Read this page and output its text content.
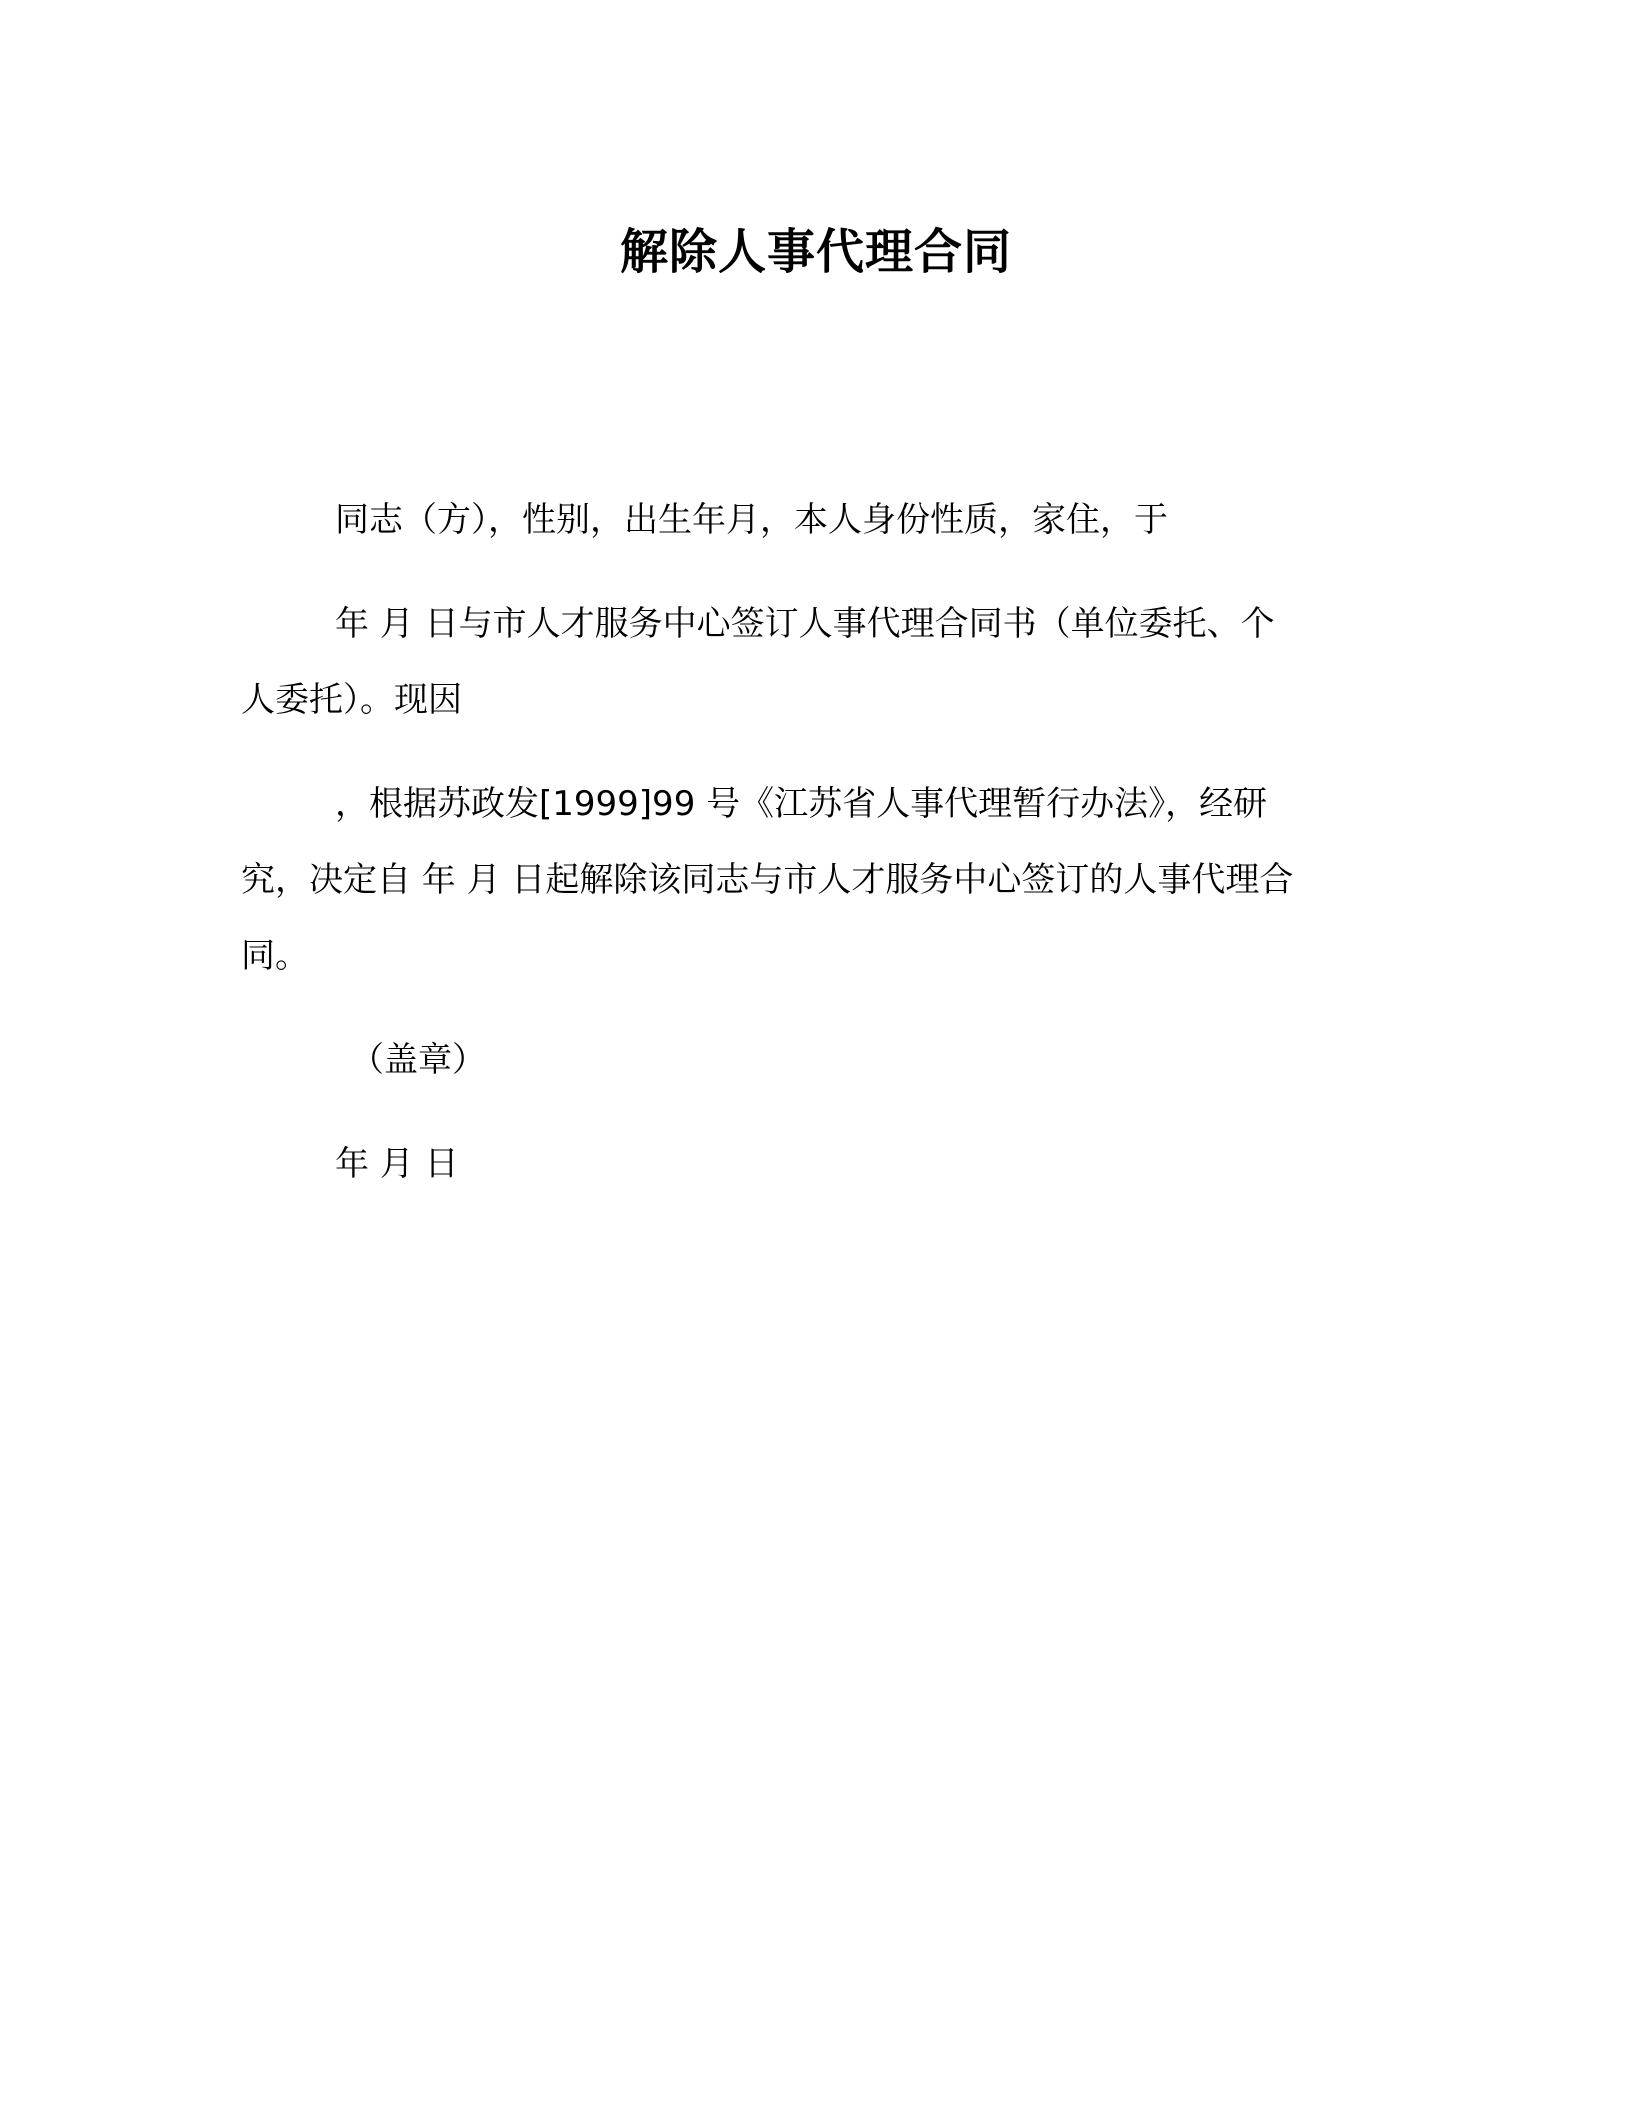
解除人事代理合同
同志（方），性别，出生年月，本人身份性质，家住，于
年 月 日与市人才服务中心签订人事代理合同书（单位委托、个
人委托）。现因
，根据苏政发[1999]99 号《江苏省人事代理暂行办法》，经研
究，决定自 年 月 日起解除该同志与市人才服务中心签订的人事代理合
同。
（盖章）
年 月 日
